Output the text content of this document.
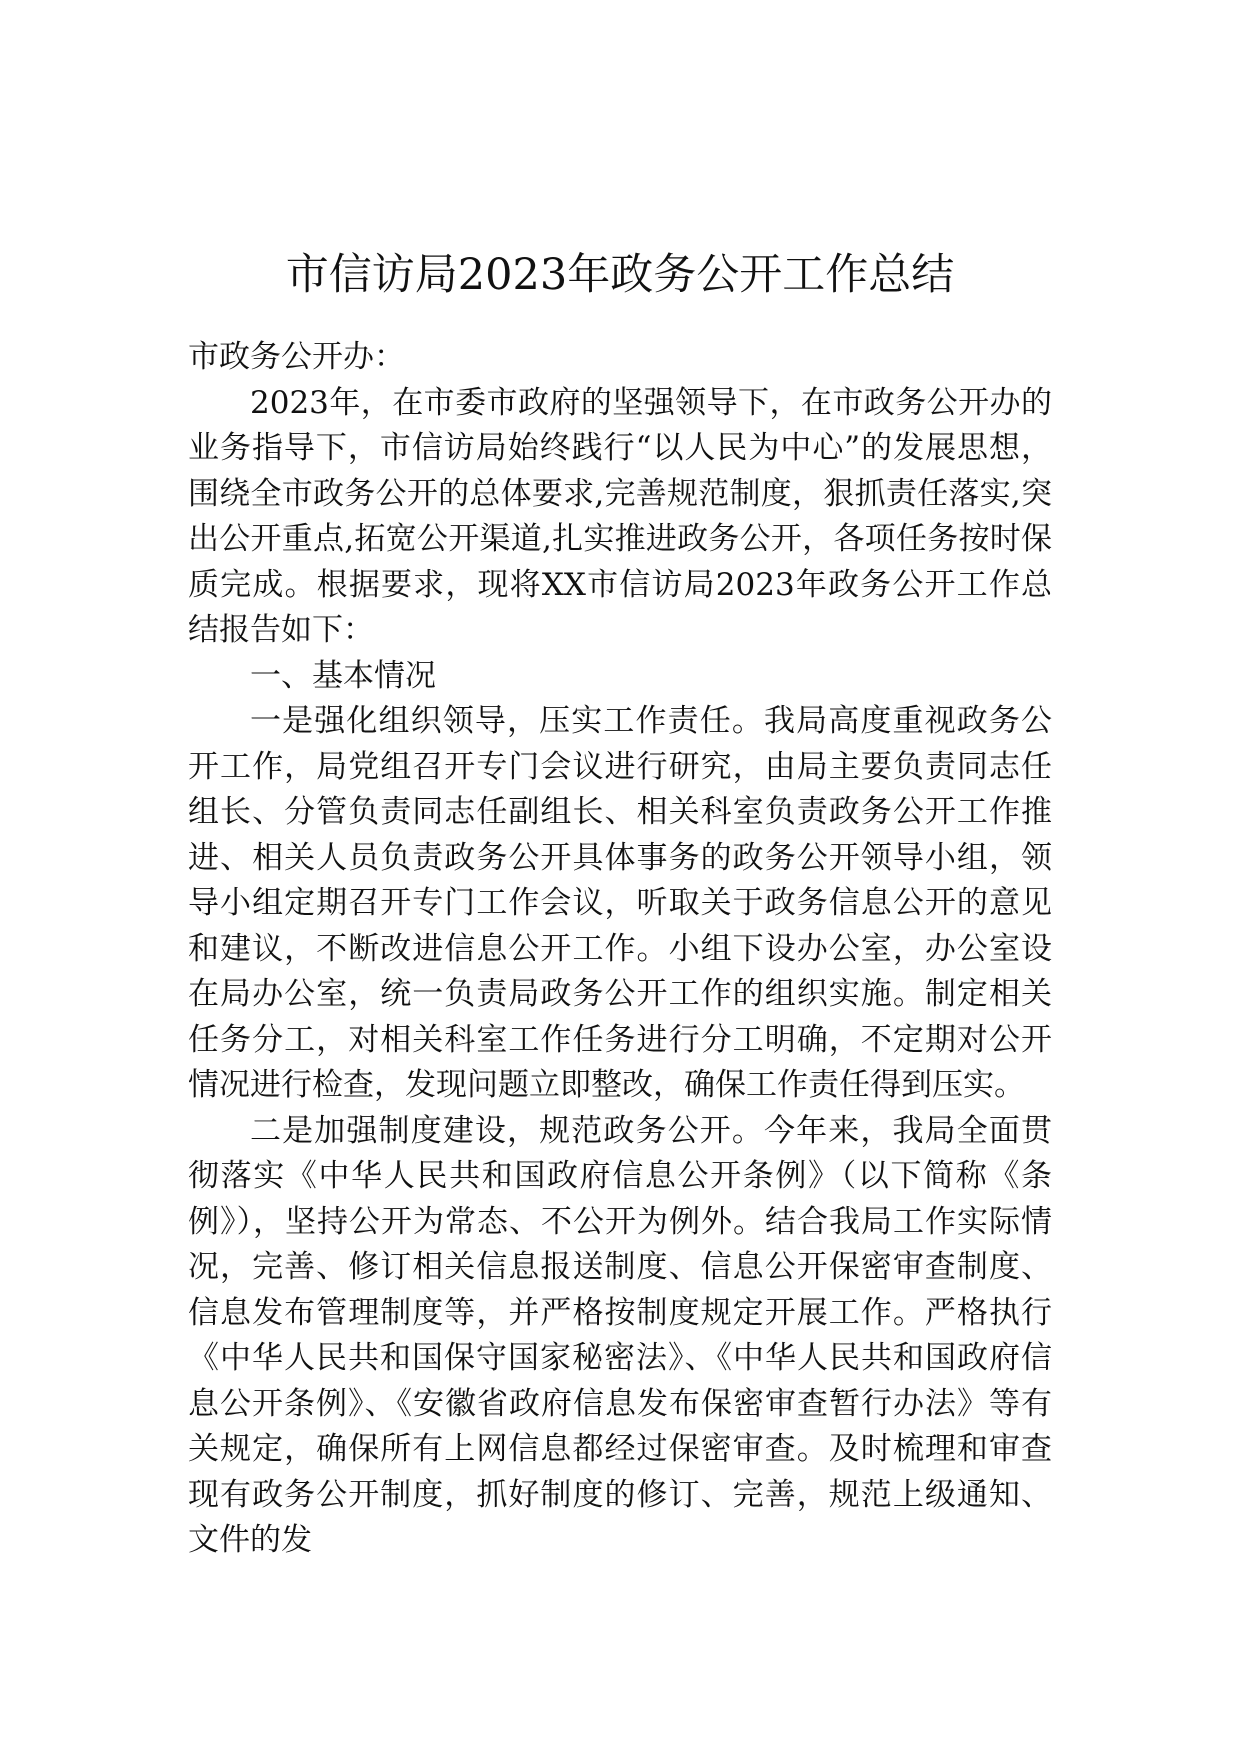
市信访局2023年政务公开工作总结

市政务公开办：

2023年，在市委市政府的坚强领导下，在市政务公开办的业务指导下，市信访局始终践行“以人民为中心”的发展思想，围绕全市政务公开的总体要求,完善规范制度，狠抓责任落实,突出公开重点,拓宽公开渠道,扎实推进政务公开，各项任务按时保质完成。根据要求，现将XX市信访局2023年政务公开工作总结报告如下：

一、基本情况

一是强化组织领导，压实工作责任。我局高度重视政务公开工作，局党组召开专门会议进行研究，由局主要负责同志任组长、分管负责同志任副组长、相关科室负责政务公开工作推进、相关人员负责政务公开具体事务的政务公开领导小组，领导小组定期召开专门工作会议，听取关于政务信息公开的意见和建议，不断改进信息公开工作。小组下设办公室，办公室设在局办公室，统一负责局政务公开工作的组织实施。制定相关任务分工，对相关科室工作任务进行分工明确，不定期对公开情况进行检查，发现问题立即整改，确保工作责任得到压实。

二是加强制度建设，规范政务公开。今年来，我局全面贯彻落实《中华人民共和国政府信息公开条例》（以下简称《条例》），坚持公开为常态、不公开为例外。结合我局工作实际情况，完善、修订相关信息报送制度、信息公开保密审查制度、信息发布管理制度等，并严格按制度规定开展工作。严格执行《中华人民共和国保守国家秘密法》、《中华人民共和国政府信息公开条例》、《安徽省政府信息发布保密审查暂行办法》等有关规定，确保所有上网信息都经过保密审查。及时梳理和审查现有政务公开制度，抓好制度的修订、完善，规范上级通知、文件的发
